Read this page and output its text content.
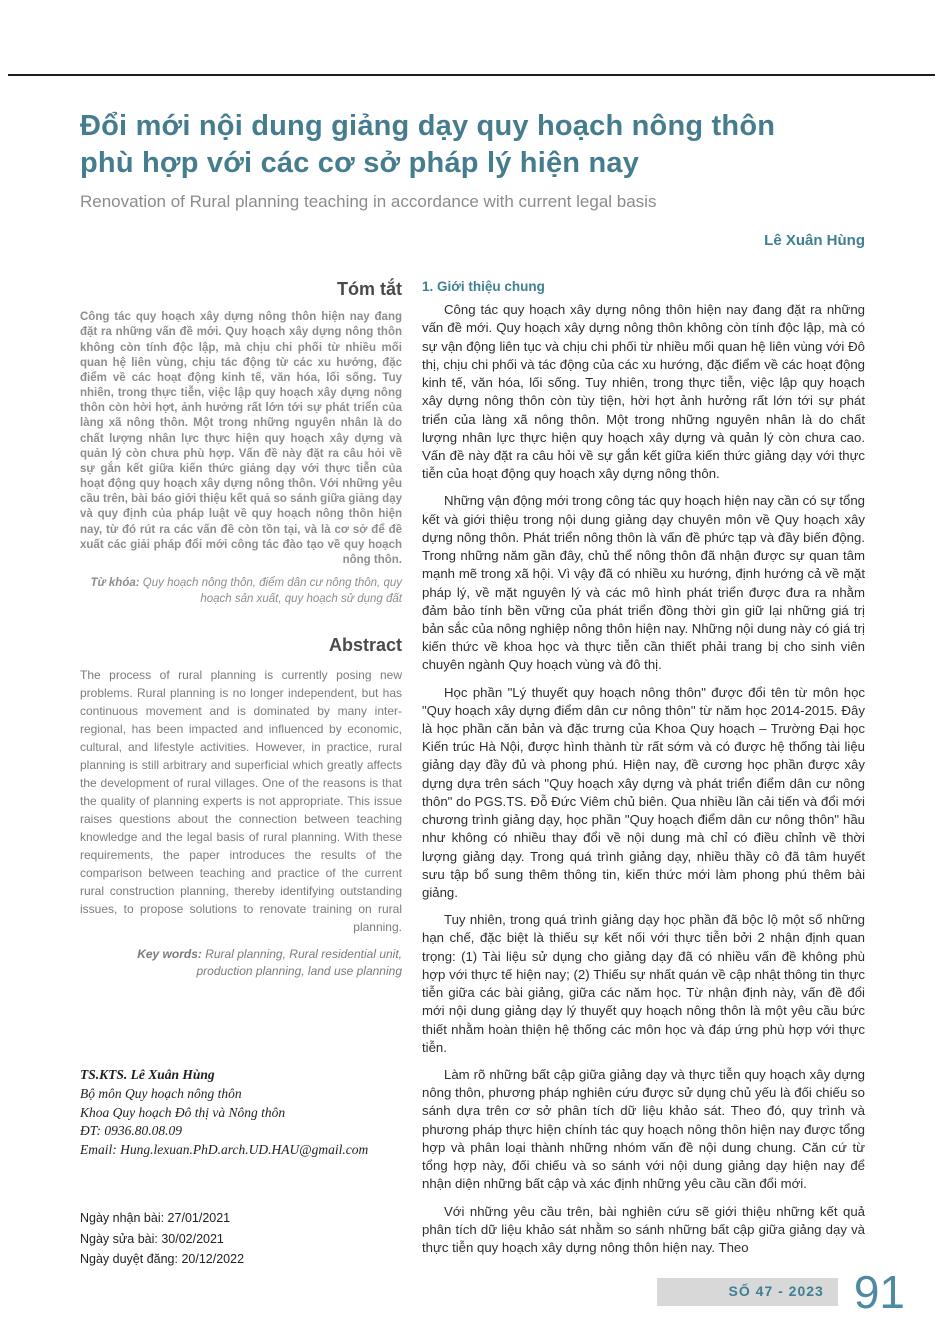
Đổi mới nội dung giảng dạy quy hoạch nông thôn phù hợp với các cơ sở pháp lý hiện nay
Renovation of Rural planning teaching in accordance with current legal basis
Lê Xuân Hùng
Tóm tắt

Công tác quy hoạch xây dựng nông thôn hiện nay đang đặt ra những vấn đề mới. Quy hoạch xây dựng nông thôn không còn tính độc lập, mà chịu chi phối từ nhiều mối quan hệ liên vùng, chịu tác động từ các xu hướng, đặc điểm về các hoạt động kinh tế, văn hóa, lối sống. Tuy nhiên, trong thực tiễn, việc lập quy hoạch xây dựng nông thôn còn hời hợt, ảnh hưởng rất lớn tới sự phát triển của làng xã nông thôn. Một trong những nguyên nhân là do chất lượng nhân lực thực hiện quy hoạch xây dựng và quản lý còn chưa phù hợp. Vấn đề này đặt ra câu hỏi về sự gắn kết giữa kiến thức giảng dạy với thực tiễn của hoạt động quy hoạch xây dựng nông thôn. Với những yêu cầu trên, bài báo giới thiệu kết quả so sánh giữa giảng dạy và quy định của pháp luật về quy hoạch nông thôn hiện nay, từ đó rút ra các vấn đề còn tồn tại, và là cơ sở để đề xuất các giải pháp đổi mới công tác đào tạo về quy hoạch nông thôn.

Từ khóa: Quy hoạch nông thôn, điểm dân cư nông thôn, quy hoạch sản xuất, quy hoạch sử dụng đất

Abstract

The process of rural planning is currently posing new problems. Rural planning is no longer independent, but has continuous movement and is dominated by many inter-regional, has been impacted and influenced by economic, cultural, and lifestyle activities. However, in practice, rural planning is still arbitrary and superficial which greatly affects the development of rural villages. One of the reasons is that the quality of planning experts is not appropriate. This issue raises questions about the connection between teaching knowledge and the legal basis of rural planning. With these requirements, the paper introduces the results of the comparison between teaching and practice of the current rural construction planning, thereby identifying outstanding issues, to propose solutions to renovate training on rural planning.

Key words: Rural planning, Rural residential unit, production planning, land use planning

TS.KTS. Lê Xuân Hùng
Bộ môn Quy hoạch nông thôn
Khoa Quy hoạch Đô thị và Nông thôn
ĐT: 0936.80.08.09
Email: Hung.lexuan.PhD.arch.UD.HAU@gmail.com
Ngày nhận bài: 27/01/2021
Ngày sửa bài: 30/02/2021
Ngày duyệt đăng: 20/12/2022
1. Giới thiệu chung

Công tác quy hoạch xây dựng nông thôn hiện nay đang đặt ra những vấn đề mới. Quy hoạch xây dựng nông thôn không còn tính độc lập, mà có sự vận động liên tục và chịu chi phối từ nhiều mối quan hệ liên vùng với Đô thị, chịu chi phối và tác động của các xu hướng, đặc điểm về các hoạt động kinh tế, văn hóa, lối sống. Tuy nhiên, trong thực tiễn, việc lập quy hoạch xây dựng nông thôn còn tùy tiện, hời hợt ảnh hưởng rất lớn tới sự phát triển của làng xã nông thôn. Một trong những nguyên nhân là do chất lượng nhân lực thực hiện quy hoạch xây dựng và quản lý còn chưa cao. Vấn đề này đặt ra câu hỏi về sự gắn kết giữa kiến thức giảng dạy với thực tiễn của hoạt động quy hoạch xây dựng nông thôn.

Những vận động mới trong công tác quy hoạch hiện nay cần có sự tổng kết và giới thiệu trong nội dung giảng dạy chuyên môn về Quy hoạch xây dựng nông thôn. Phát triển nông thôn là vấn đề phức tạp và đầy biến động. Trong những năm gần đây, chủ thể nông thôn đã nhận được sự quan tâm mạnh mẽ trong xã hội. Vì vậy đã có nhiều xu hướng, định hướng cả về mặt pháp lý, về mặt nguyên lý và các mô hình phát triển được đưa ra nhằm đảm bảo tính bền vững của phát triển đồng thời gìn giữ lại những giá trị bản sắc của nông nghiệp nông thôn hiện nay. Những nội dung này có giá trị kiến thức về khoa học và thực tiễn cần thiết phải trang bị cho sinh viên chuyên ngành Quy hoạch vùng và đô thị.

Học phần "Lý thuyết quy hoạch nông thôn" được đổi tên từ môn học "Quy hoạch xây dựng điểm dân cư nông thôn" từ năm học 2014-2015. Đây là học phần căn bản và đặc trưng của Khoa Quy hoạch – Trường Đại học Kiến trúc Hà Nội, được hình thành từ rất sớm và có được hệ thống tài liệu giảng dạy đầy đủ và phong phú. Hiện nay, đề cương học phần được xây dựng dựa trên sách "Quy hoạch xây dựng và phát triển điểm dân cư nông thôn" do PGS.TS. Đỗ Đức Viêm chủ biên. Qua nhiều lần cải tiến và đổi mới chương trình giảng dạy, học phần "Quy hoạch điểm dân cư nông thôn" hầu như không có nhiều thay đổi về nội dung mà chỉ có điều chỉnh về thời lượng giảng dạy. Trong quá trình giảng dạy, nhiều thầy cô đã tâm huyết sưu tập bổ sung thêm thông tin, kiến thức mới làm phong phú thêm bài giảng.

Tuy nhiên, trong quá trình giảng dạy học phần đã bộc lộ một số những hạn chế, đặc biệt là thiếu sự kết nối với thực tiễn bởi 2 nhận định quan trọng: (1) Tài liệu sử dụng cho giảng dạy đã có nhiều vấn đề không phù hợp với thực tế hiện nay; (2) Thiếu sự nhất quán về cập nhật thông tin thực tiễn giữa các bài giảng, giữa các năm học. Từ nhận định này, vấn đề đổi mới nội dung giảng dạy lý thuyết quy hoạch nông thôn là một yêu cầu bức thiết nhằm hoàn thiện hệ thống các môn học và đáp ứng phù hợp với thực tiễn.

Làm rõ những bất cập giữa giảng dạy và thực tiễn quy hoạch xây dựng nông thôn, phương pháp nghiên cứu được sử dụng chủ yếu là đối chiếu so sánh dựa trên cơ sở phân tích dữ liệu khảo sát. Theo đó, quy trình và phương pháp thực hiện chính tác quy hoạch nông thôn hiện nay được tổng hợp và phân loại thành những nhóm vấn đề nội dung chung. Căn cứ từ tổng hợp này, đối chiếu và so sánh với nội dung giảng dạy hiện nay để nhận diện những bất cập và xác định những yêu cầu cần đổi mới.

Với những yêu cầu trên, bài nghiên cứu sẽ giới thiệu những kết quả phân tích dữ liệu khảo sát nhằm so sánh những bất cập giữa giảng dạy và thực tiễn quy hoạch xây dựng nông thôn hiện nay. Theo

SỐ 47 - 2023 91
